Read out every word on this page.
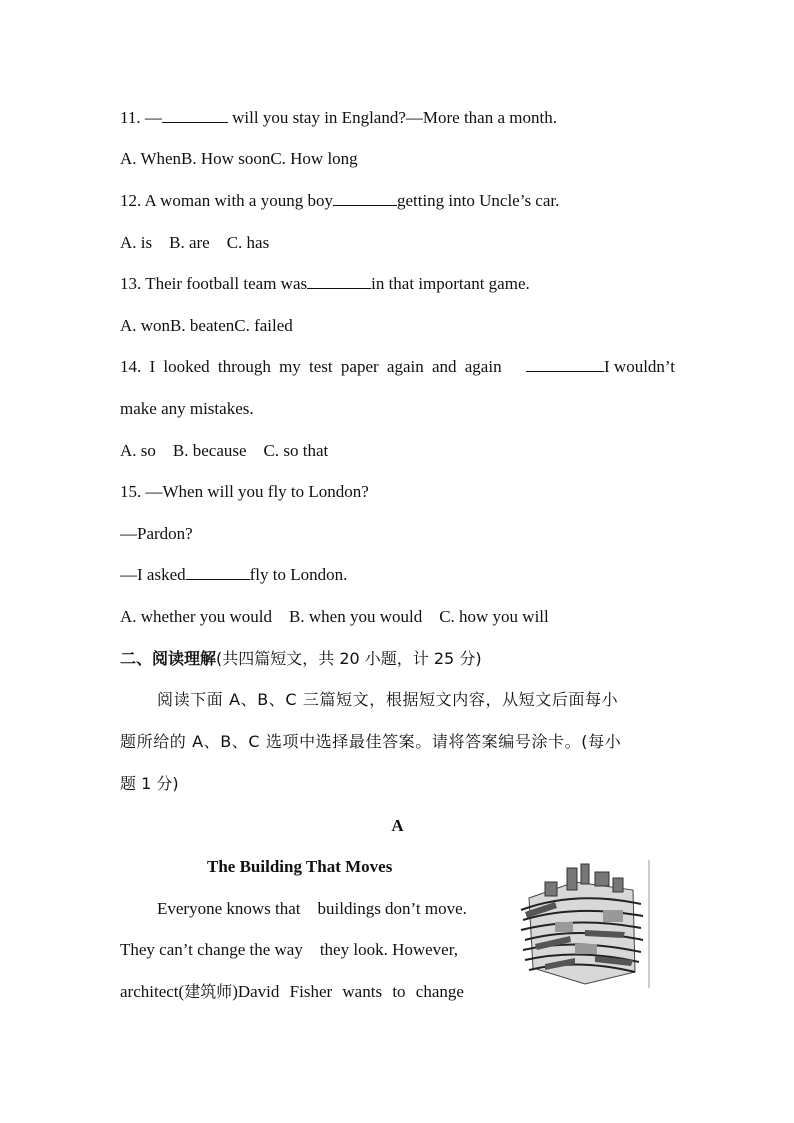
11. —	will you stay in England?—More than a month.
A. WhenB. How soonC. How long
12. A woman with a young boy	getting into Uncle’s car.
A. is    B. are    C. has
13. Their football team was	in that important game.
A. wonB. beatenC. failed
14. I looked through my test paper again and again	I wouldn’t
make any mistakes.
A. so    B. because    C. so that
15. —When will you fly to London?
—Pardon?
—I asked	fly to London.
A. whether you would    B. when you would    C. how you will
二、阅读理解(共四篇短文，共 20 小题，计 25 分)
阅读下面 A、B、C 三篇短文，根据短文内容，从短文后面每小
题所给的 A、B、C 选项中选择最佳答案。请将答案编号涂卡。(每小
题 1 分)
A
The Building That Moves
Everyone knows that    buildings don’t move.
They can’t change the way    they look. However,
architect(建筑师)David Fisher wants to change
